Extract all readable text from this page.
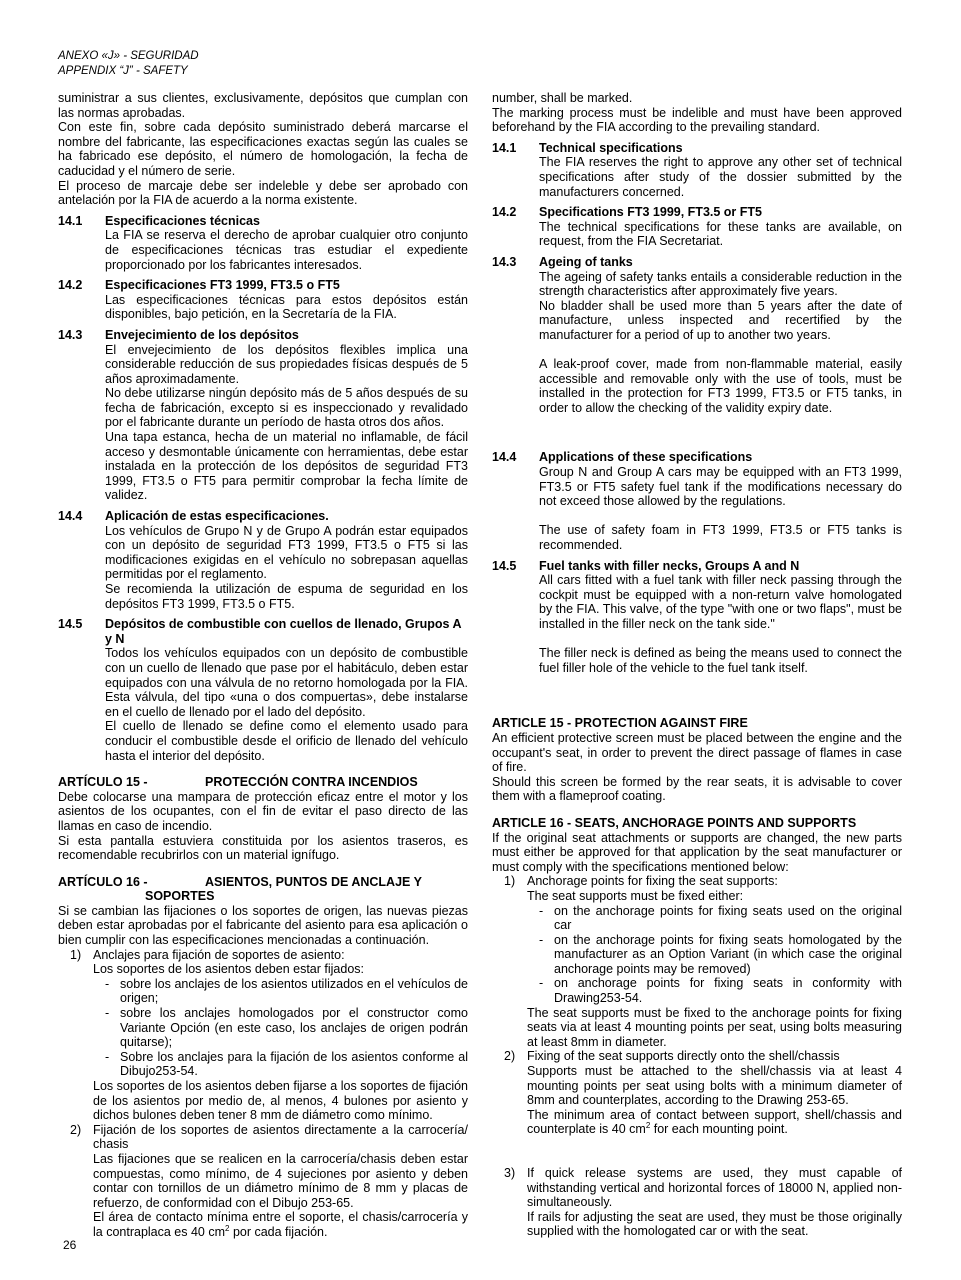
ANEXO «J» - SEGURIDAD
APPENDIX “J” - SAFETY

suministrar a sus clientes, exclusivamente, depósitos que cumplan con las normas aprobadas.

Con este fin, sobre cada depósito suministrado deberá marcarse el nombre del fabricante, las especificaciones exactas según las cuales se ha fabricado ese depósito, el número de homologación, la fecha de caducidad y el número de serie.

El proceso de marcaje debe ser indeleble y debe ser aprobado con antelación por la FIA de acuerdo a la norma existente.

14.1	Especificaciones técnicas

La FIA se reserva el derecho de aprobar cualquier otro conjunto de especificaciones técnicas tras estudiar el expediente proporcionado por los fabricantes interesados.

14.2	Especificaciones FT3 1999, FT3.5 o FT5

Las especificaciones técnicas para estos depósitos están disponibles, bajo petición, en la Secretaría de la FIA.

14.3	Envejecimiento de los depósitos

El envejecimiento de los depósitos flexibles implica una considerable reducción de sus propiedades físicas después de 5 años aproximadamente.

No debe utilizarse ningún depósito más de 5 años después de su fecha de fabricación, excepto si es inspeccionado y revalidado por el fabricante durante un período de hasta otros dos años.

Una tapa estanca, hecha de un material no inflamable, de fácil acceso y desmontable únicamente con herramientas, debe estar instalada en la protección de los depósitos de seguridad FT3 1999, FT3.5 o FT5 para permitir comprobar la fecha límite de validez.

14.4	Aplicación de estas especificaciones.

Los vehículos de Grupo N y de Grupo A podrán estar equipados con un depósito de seguridad FT3 1999, FT3.5 o FT5 si las modificaciones exigidas en el vehículo no sobrepasan aquellas permitidas por el reglamento.

Se recomienda la utilización de espuma de seguridad en los depósitos FT3 1999, FT3.5 o FT5.

14.5	Depósitos de combustible con cuellos de llenado, Grupos A y N

Todos los vehículos equipados con un depósito de combustible con un cuello de llenado que pase por el habitáculo, deben estar equipados con una válvula de no retorno homologada por la FIA. Esta válvula, del tipo «una o dos compuertas», debe instalarse en el cuello de llenado por el lado del depósito.

El cuello de llenado se define como el elemento usado para conducir el combustible desde el orificio de llenado del vehículo hasta el interior del depósito.

ARTÍCULO 15 -	PROTECCIÓN CONTRA INCENDIOS

Debe colocarse una mampara de protección eficaz entre el motor y los asientos de los ocupantes, con el fin de evitar el paso directo de las llamas en caso de incendio.

Si esta pantalla estuviera constituida por los asientos traseros, es recomendable recubrirlos con un material ignífugo.

ARTÍCULO 16 -	ASIENTOS, PUNTOS DE ANCLAJE Y
SOPORTES

Si se cambian las fijaciones o los soportes de origen, las nuevas piezas deben estar aprobadas por el fabricante del asiento para esa aplicación o bien cumplir con las especificaciones mencionadas a continuación.

1) Anclajes para fijación de soportes de asiento:

Los soportes de los asientos deben estar fijados:

- sobre los anclajes de los asientos utilizados en el vehículos de origen;
- sobre los anclajes homologados por el constructor como Variante Opción (en este caso, los anclajes de origen podrán quitarse);
- Sobre los anclajes para la fijación de los asientos conforme al Dibujo253-54.

Los soportes de los asientos deben fijarse a los soportes de fijación de los asientos por medio de, al menos, 4 bulones por asiento y dichos bulones deben tener 8 mm de diámetro como mínimo.

2) Fijación de los soportes de asientos directamente a la carrocería/ chasis

Las fijaciones que se realicen en la carrocería/chasis deben estar compuestas, como mínimo, de 4 sujeciones por asiento y deben contar con tornillos de un diámetro mínimo de 8 mm y placas de refuerzo, de conformidad con el Dibujo 253-65.

El área de contacto mínima entre el soporte, el chasis/carrocería y la contraplaca es 40 $cm^2$ por cada fijación.

number, shall be marked.

The marking process must be indelible and must have been approved beforehand by the FIA according to the prevailing standard.

14.1	Technical specifications

The FIA reserves the right to approve any other set of technical specifications after study of the dossier submitted by the manufacturers concerned.

14.2	Specifications FT3 1999, FT3.5 or FT5

The technical specifications for these tanks are available, on request, from the FIA Secretariat.

14.3	Ageing of tanks

The ageing of safety tanks entails a considerable reduction in the strength characteristics after approximately five years.

No bladder shall be used more than 5 years after the date of manufacture, unless inspected and recertified by the manufacturer for a period of up to another two years.

A leak-proof cover, made from non-flammable material, easily accessible and removable only with the use of tools, must be installed in the protection for FT3 1999, FT3.5 or FT5 tanks, in order to allow the checking of the validity expiry date.

14.4	Applications of these specifications

Group N and Group A cars may be equipped with an FT3 1999, FT3.5 or FT5 safety fuel tank if the modifications necessary do not exceed those allowed by the regulations.

The use of safety foam in FT3 1999, FT3.5 or FT5 tanks is recommended.

14.5	Fuel tanks with filler necks, Groups A and N

All cars fitted with a fuel tank with filler neck passing through the cockpit must be equipped with a non-return valve homologated by the FIA. This valve, of the type "with one or two flaps", must be installed in the filler neck on the tank side."

The filler neck is defined as being the means used to connect the fuel filler hole of the vehicle to the fuel tank itself.

ARTICLE 15 - PROTECTION AGAINST FIRE

An efficient protective screen must be placed between the engine and the occupant's seat, in order to prevent the direct passage of flames in case of fire.

Should this screen be formed by the rear seats, it is advisable to cover them with a flameproof coating.

ARTICLE 16 - SEATS, ANCHORAGE POINTS AND SUPPORTS

If the original seat attachments or supports are changed, the new parts must either be approved for that application by the seat manufacturer or must comply with the specifications mentioned below:

1) Anchorage points for fixing the seat supports:

The seat supports must be fixed either:

- on the anchorage points for fixing seats used on the original car
- on the anchorage points for fixing seats homologated by the manufacturer as an Option Variant (in which case the original anchorage points may be removed)
- on anchorage points for fixing seats in conformity with Drawing253-54.

The seat supports must be fixed to the anchorage points for fixing seats via at least 4 mounting points per seat, using bolts measuring at least 8mm in diameter.

2) Fixing of the seat supports directly onto the shell/chassis

Supports must be attached to the shell/chassis via at least 4 mounting points per seat using bolts with a minimum diameter of 8mm and counterplates, according to the Drawing 253-65.

The minimum area of contact between support, shell/chassis and counterplate is 40 $cm^2$ for each mounting point.

3) If quick release systems are used, they must capable of withstanding vertical and horizontal forces of 18000 N, applied non-simultaneously.

If rails for adjusting the seat are used, they must be those originally supplied with the homologated car or with the seat.

26
